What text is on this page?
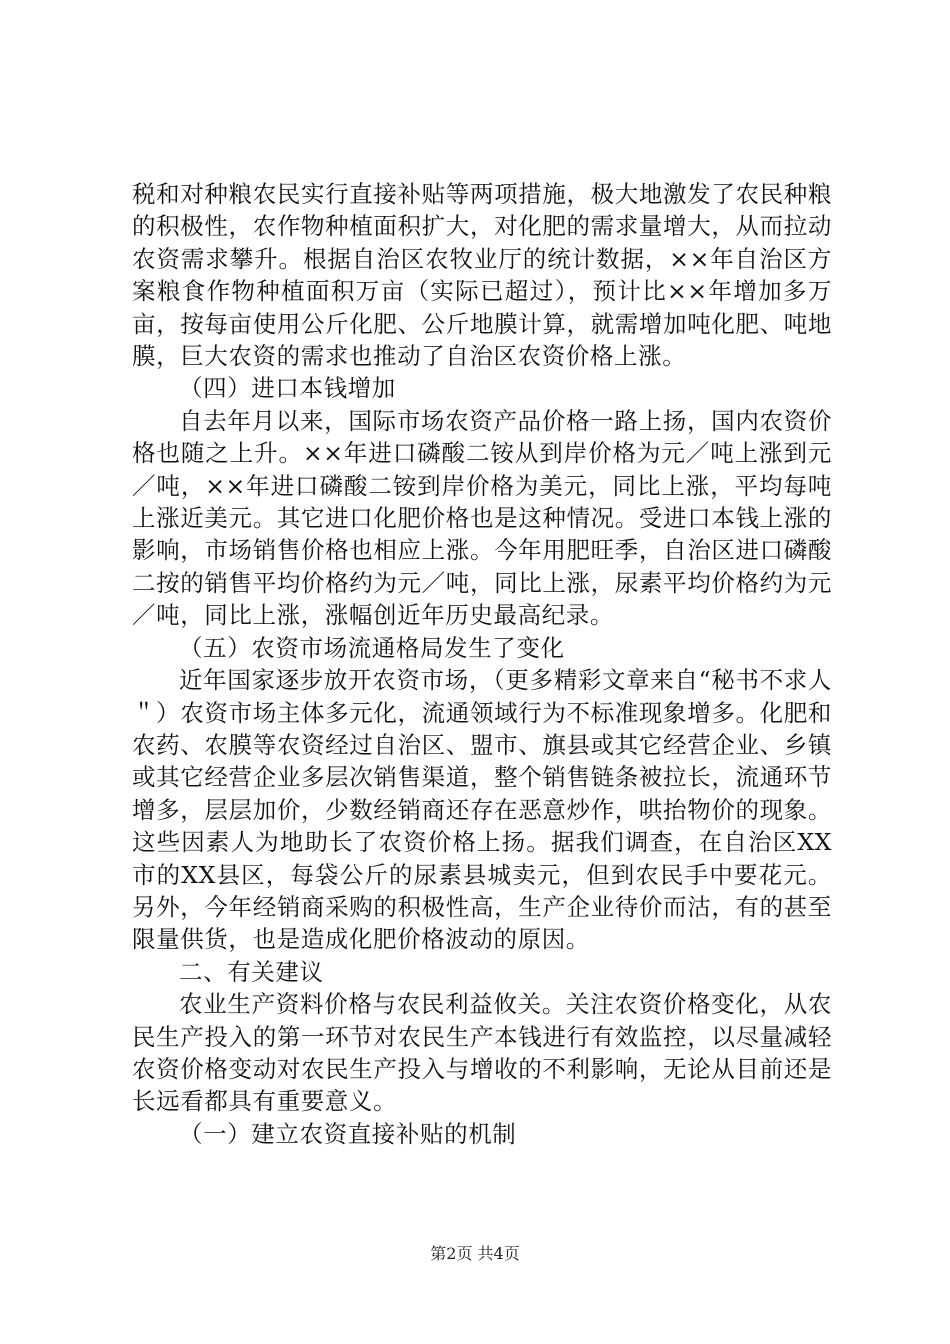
税和对种粮农民实行直接补贴等两项措施，极大地激发了农民种粮的积极性，农作物种植面积扩大，对化肥的需求量增大，从而拉动农资需求攀升。根据自治区农牧业厅的统计数据，××年自治区方案粮食作物种植面积万亩（实际已超过），预计比××年增加多万亩，按每亩使用公斤化肥、公斤地膜计算，就需增加吨化肥、吨地膜，巨大农资的需求也推动了自治区农资价格上涨。

（四）进口本钱增加

自去年月以来，国际市场农资产品价格一路上扬，国内农资价格也随之上升。××年进口磷酸二铵从到岸价格为元／吨上涨到元／吨，××年进口磷酸二铵到岸价格为美元，同比上涨，平均每吨上涨近美元。其它进口化肥价格也是这种情况。受进口本钱上涨的影响，市场销售价格也相应上涨。今年用肥旺季，自治区进口磷酸二按的销售平均价格约为元／吨，同比上涨，尿素平均价格约为元／吨，同比上涨，涨幅创近年历史最高纪录。

（五）农资市场流通格局发生了变化

近年国家逐步放开农资市场，（更多精彩文章来自“秘书不求人＂）农资市场主体多元化，流通领域行为不标准现象增多。化肥和农药、农膜等农资经过自治区、盟市、旗县或其它经营企业、乡镇或其它经营企业多层次销售渠道，整个销售链条被拉长，流通环节增多，层层加价，少数经销商还存在恶意炒作，哄抬物价的现象。这些因素人为地助长了农资价格上扬。据我们调查，在自治区XX市的XX县区，每袋公斤的尿素县城卖元，但到农民手中要花元。另外，今年经销商采购的积极性高，生产企业待价而沽，有的甚至限量供货，也是造成化肥价格波动的原因。

二、有关建议

农业生产资料价格与农民利益攸关。关注农资价格变化，从农民生产投入的第一环节对农民生产本钱进行有效监控，以尽量减轻农资价格变动对农民生产投入与增收的不利影响，无论从目前还是长远看都具有重要意义。

（一）建立农资直接补贴的机制

第2页 共4页
